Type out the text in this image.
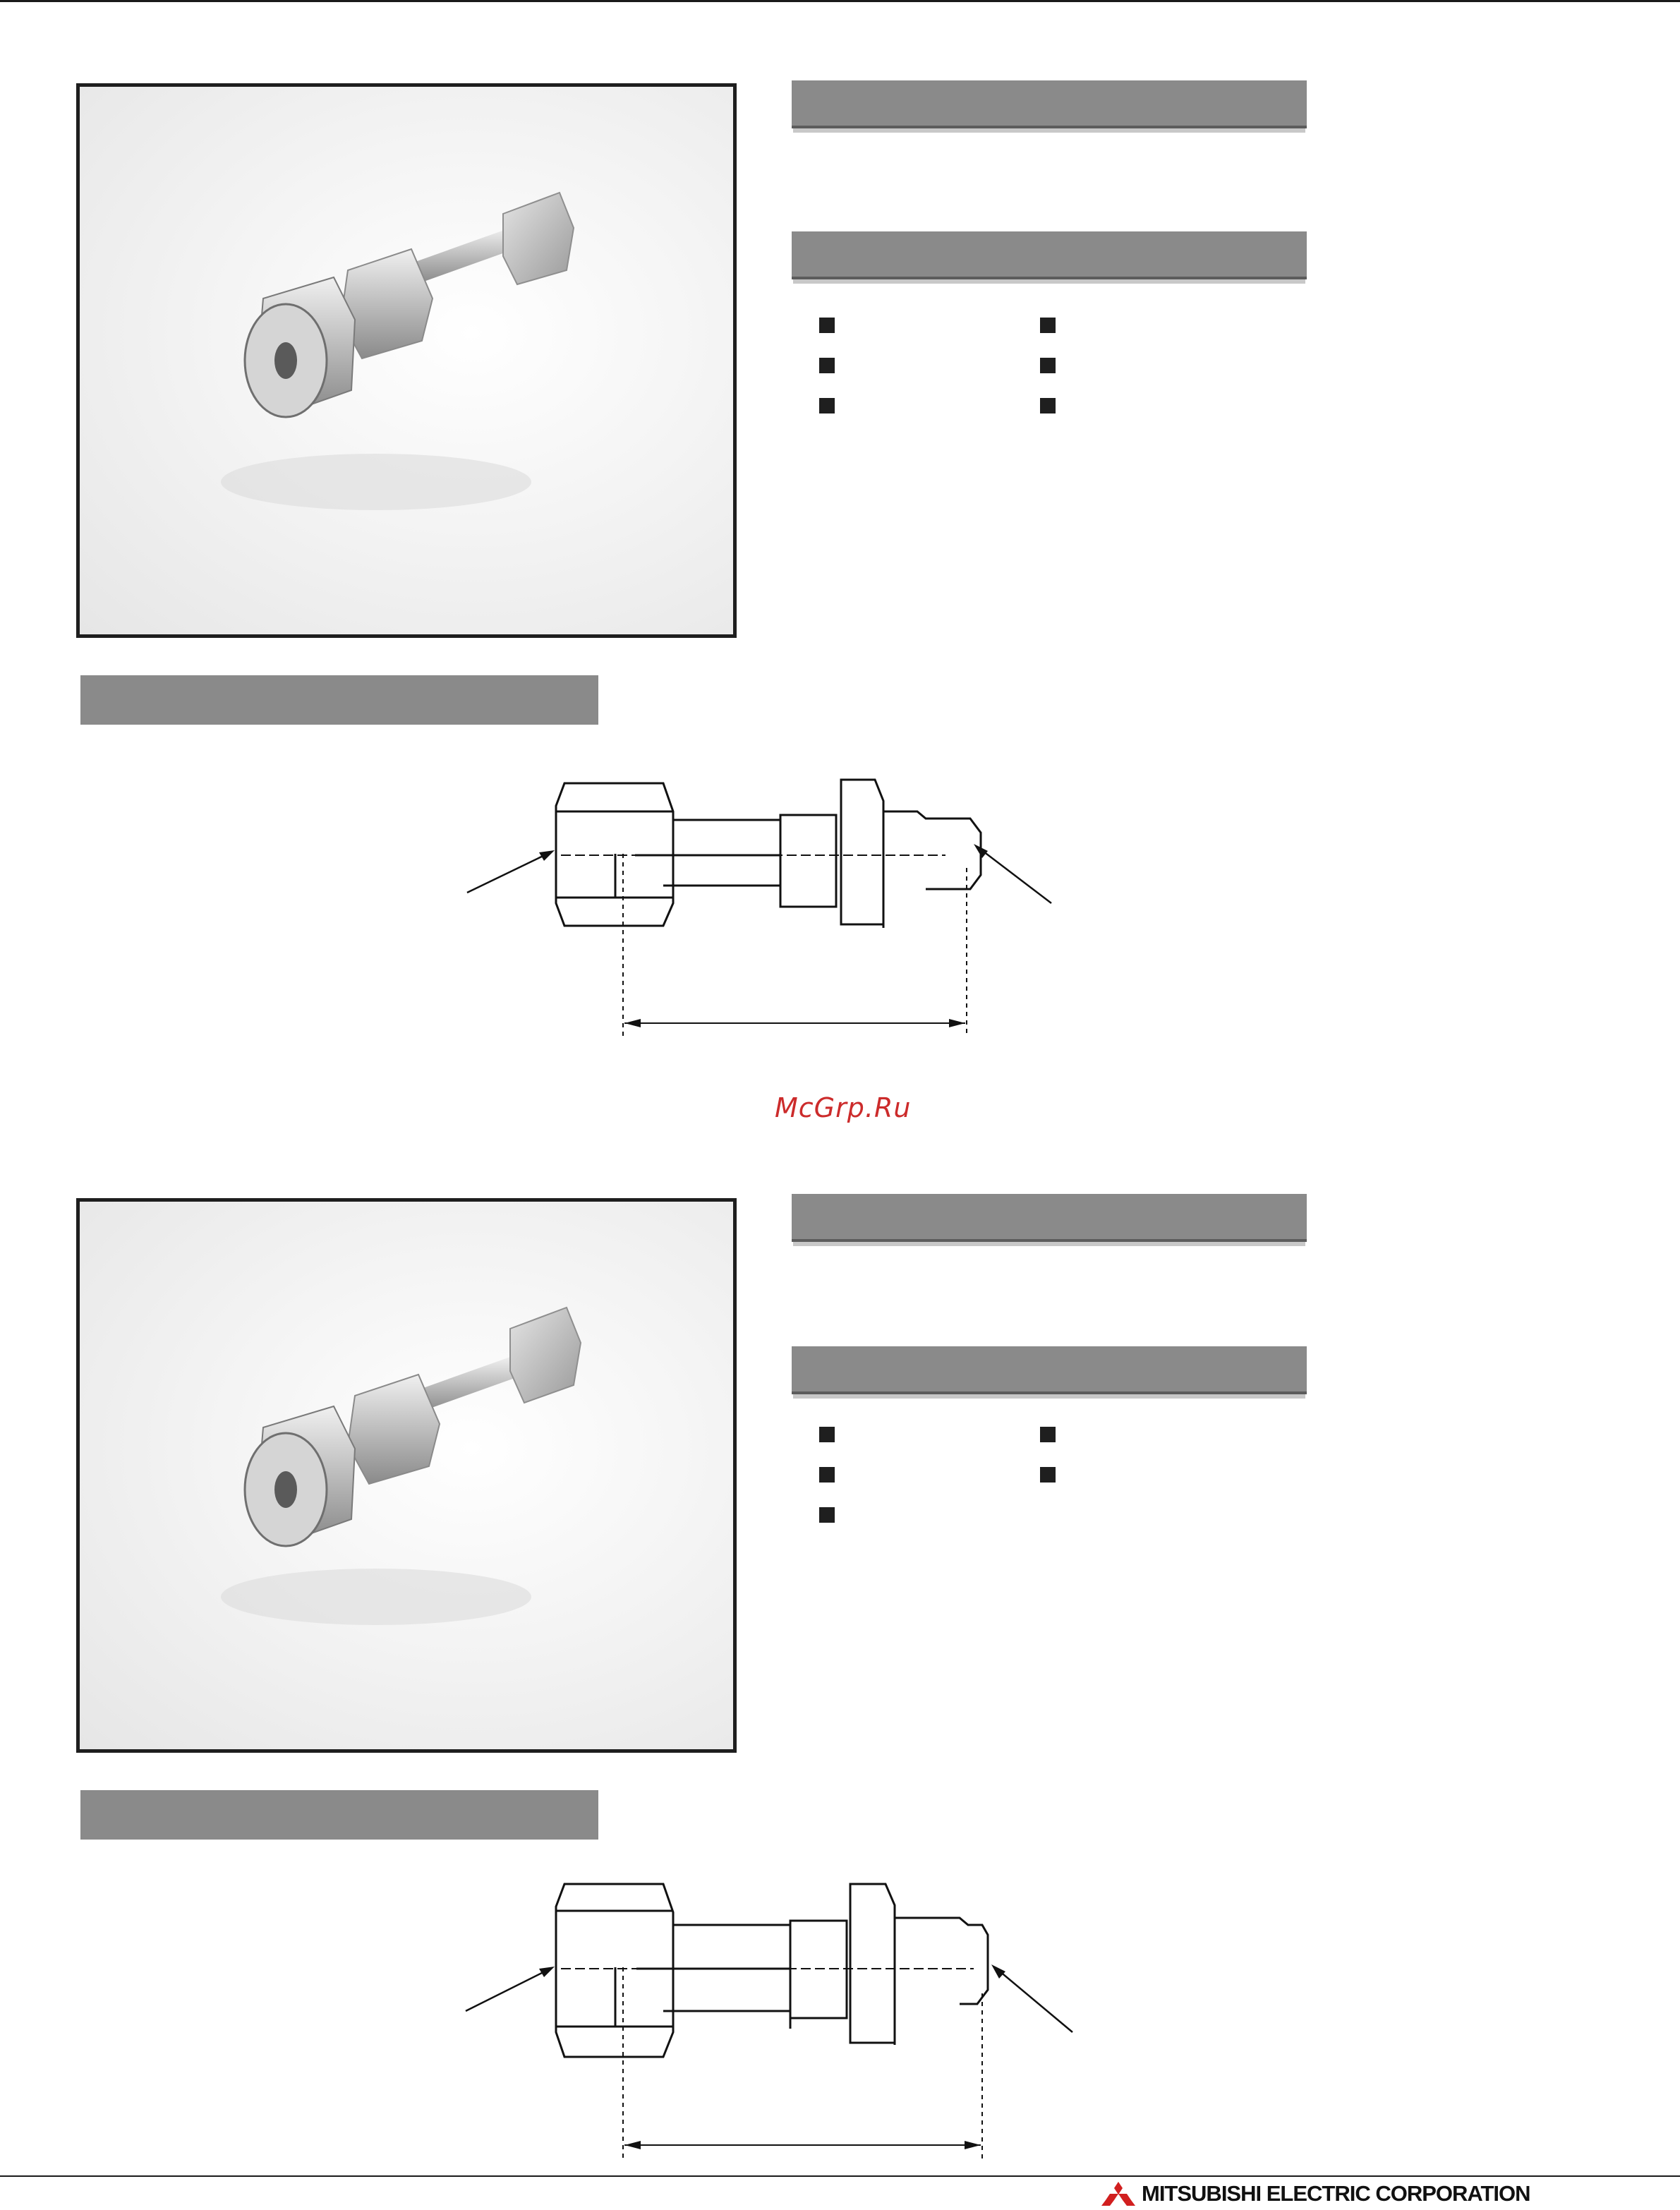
McGrp.Ru
MITSUBISHI ELECTRIC CORPORATION
